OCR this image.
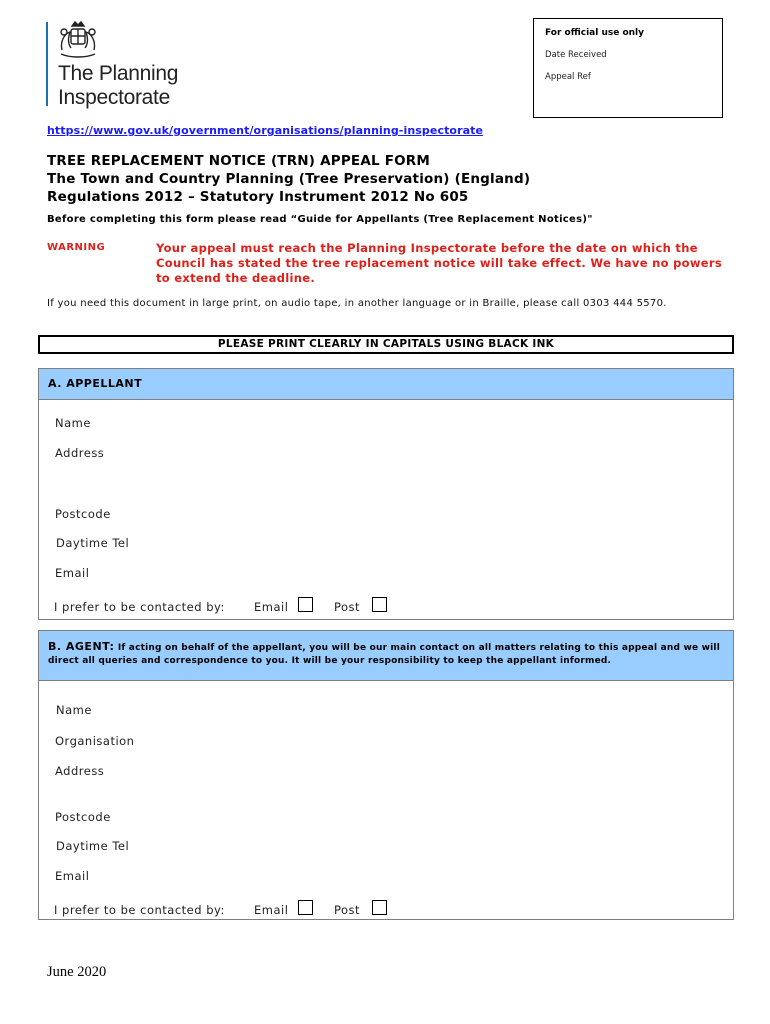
The Planning
Inspectorate
For official use only
Date Received
Appeal Ref
https://www.gov.uk/government/organisations/planning-inspectorate
TREE REPLACEMENT NOTICE (TRN) APPEAL FORM
The Town and Country Planning (Tree Preservation) (England)
Regulations 2012 – Statutory Instrument 2012 No 605
Before completing this form please read “Guide for Appellants (Tree Replacement Notices)"
WARNING	Your appeal must reach the Planning Inspectorate before the date on which the Council has stated the tree replacement notice will take effect. We have no powers to extend the deadline.
If you need this document in large print, on audio tape, in another language or in Braille, please call 0303 444 5570.
PLEASE PRINT CLEARLY IN CAPITALS USING BLACK INK
A. APPELLANT
Name
Address
Postcode
Daytime Tel
Email
I prefer to be contacted by:	Email	Post
B. AGENT: If acting on behalf of the appellant, you will be our main contact on all matters relating to this appeal and we will direct all queries and correspondence to you. It will be your responsibility to keep the appellant informed.
Name
Organisation
Address
Postcode
Daytime Tel
Email
I prefer to be contacted by:	Email	Post
June 2020
